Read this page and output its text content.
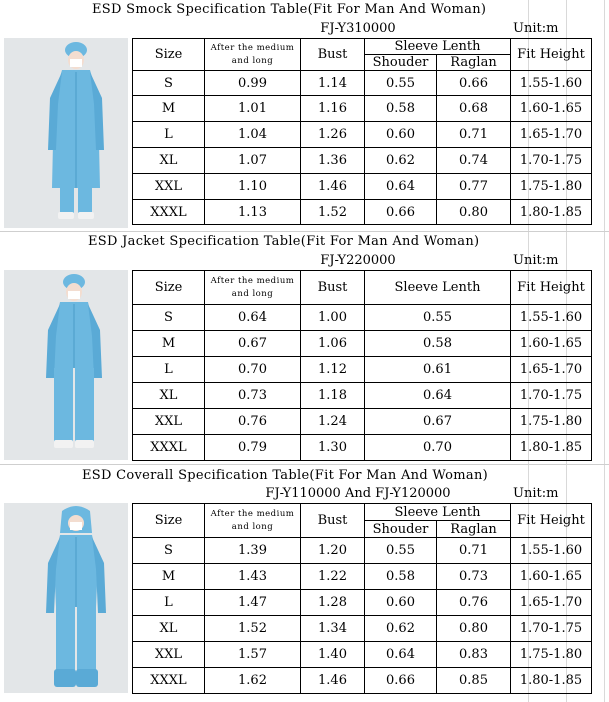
ESD Smock Specification Table(Fit For Man And Woman)
FJ-Y310000	Unit:m
Size	After the medium and long	Bust	Sleeve Lenth		Fit Height
			Shouder	Raglan	
S	0.99	1.14	0.55	0.66	1.55-1.60
M	1.01	1.16	0.58	0.68	1.60-1.65
L	1.04	1.26	0.60	0.71	1.65-1.70
XL	1.07	1.36	0.62	0.74	1.70-1.75
XXL	1.10	1.46	0.64	0.77	1.75-1.80
XXXL	1.13	1.52	0.66	0.80	1.80-1.85
ESD Jacket Specification Table(Fit For Man And Woman)
FJ-Y220000	Unit:m
Size	After the medium and long	Bust	Sleeve Lenth	Fit Height
S	0.64	1.00	0.55	1.55-1.60
M	0.67	1.06	0.58	1.60-1.65
L	0.70	1.12	0.61	1.65-1.70
XL	0.73	1.18	0.64	1.70-1.75
XXL	0.76	1.24	0.67	1.75-1.80
XXXL	0.79	1.30	0.70	1.80-1.85
ESD Coverall Specification Table(Fit For Man And Woman)
FJ-Y110000 And FJ-Y120000	Unit:m
Size	After the medium and long	Bust	Sleeve Lenth		Fit Height
			Shouder	Raglan	
S	1.39	1.20	0.55	0.71	1.55-1.60
M	1.43	1.22	0.58	0.73	1.60-1.65
L	1.47	1.28	0.60	0.76	1.65-1.70
XL	1.52	1.34	0.62	0.80	1.70-1.75
XXL	1.57	1.40	0.64	0.83	1.75-1.80
XXXL	1.62	1.46	0.66	0.85	1.80-1.85
